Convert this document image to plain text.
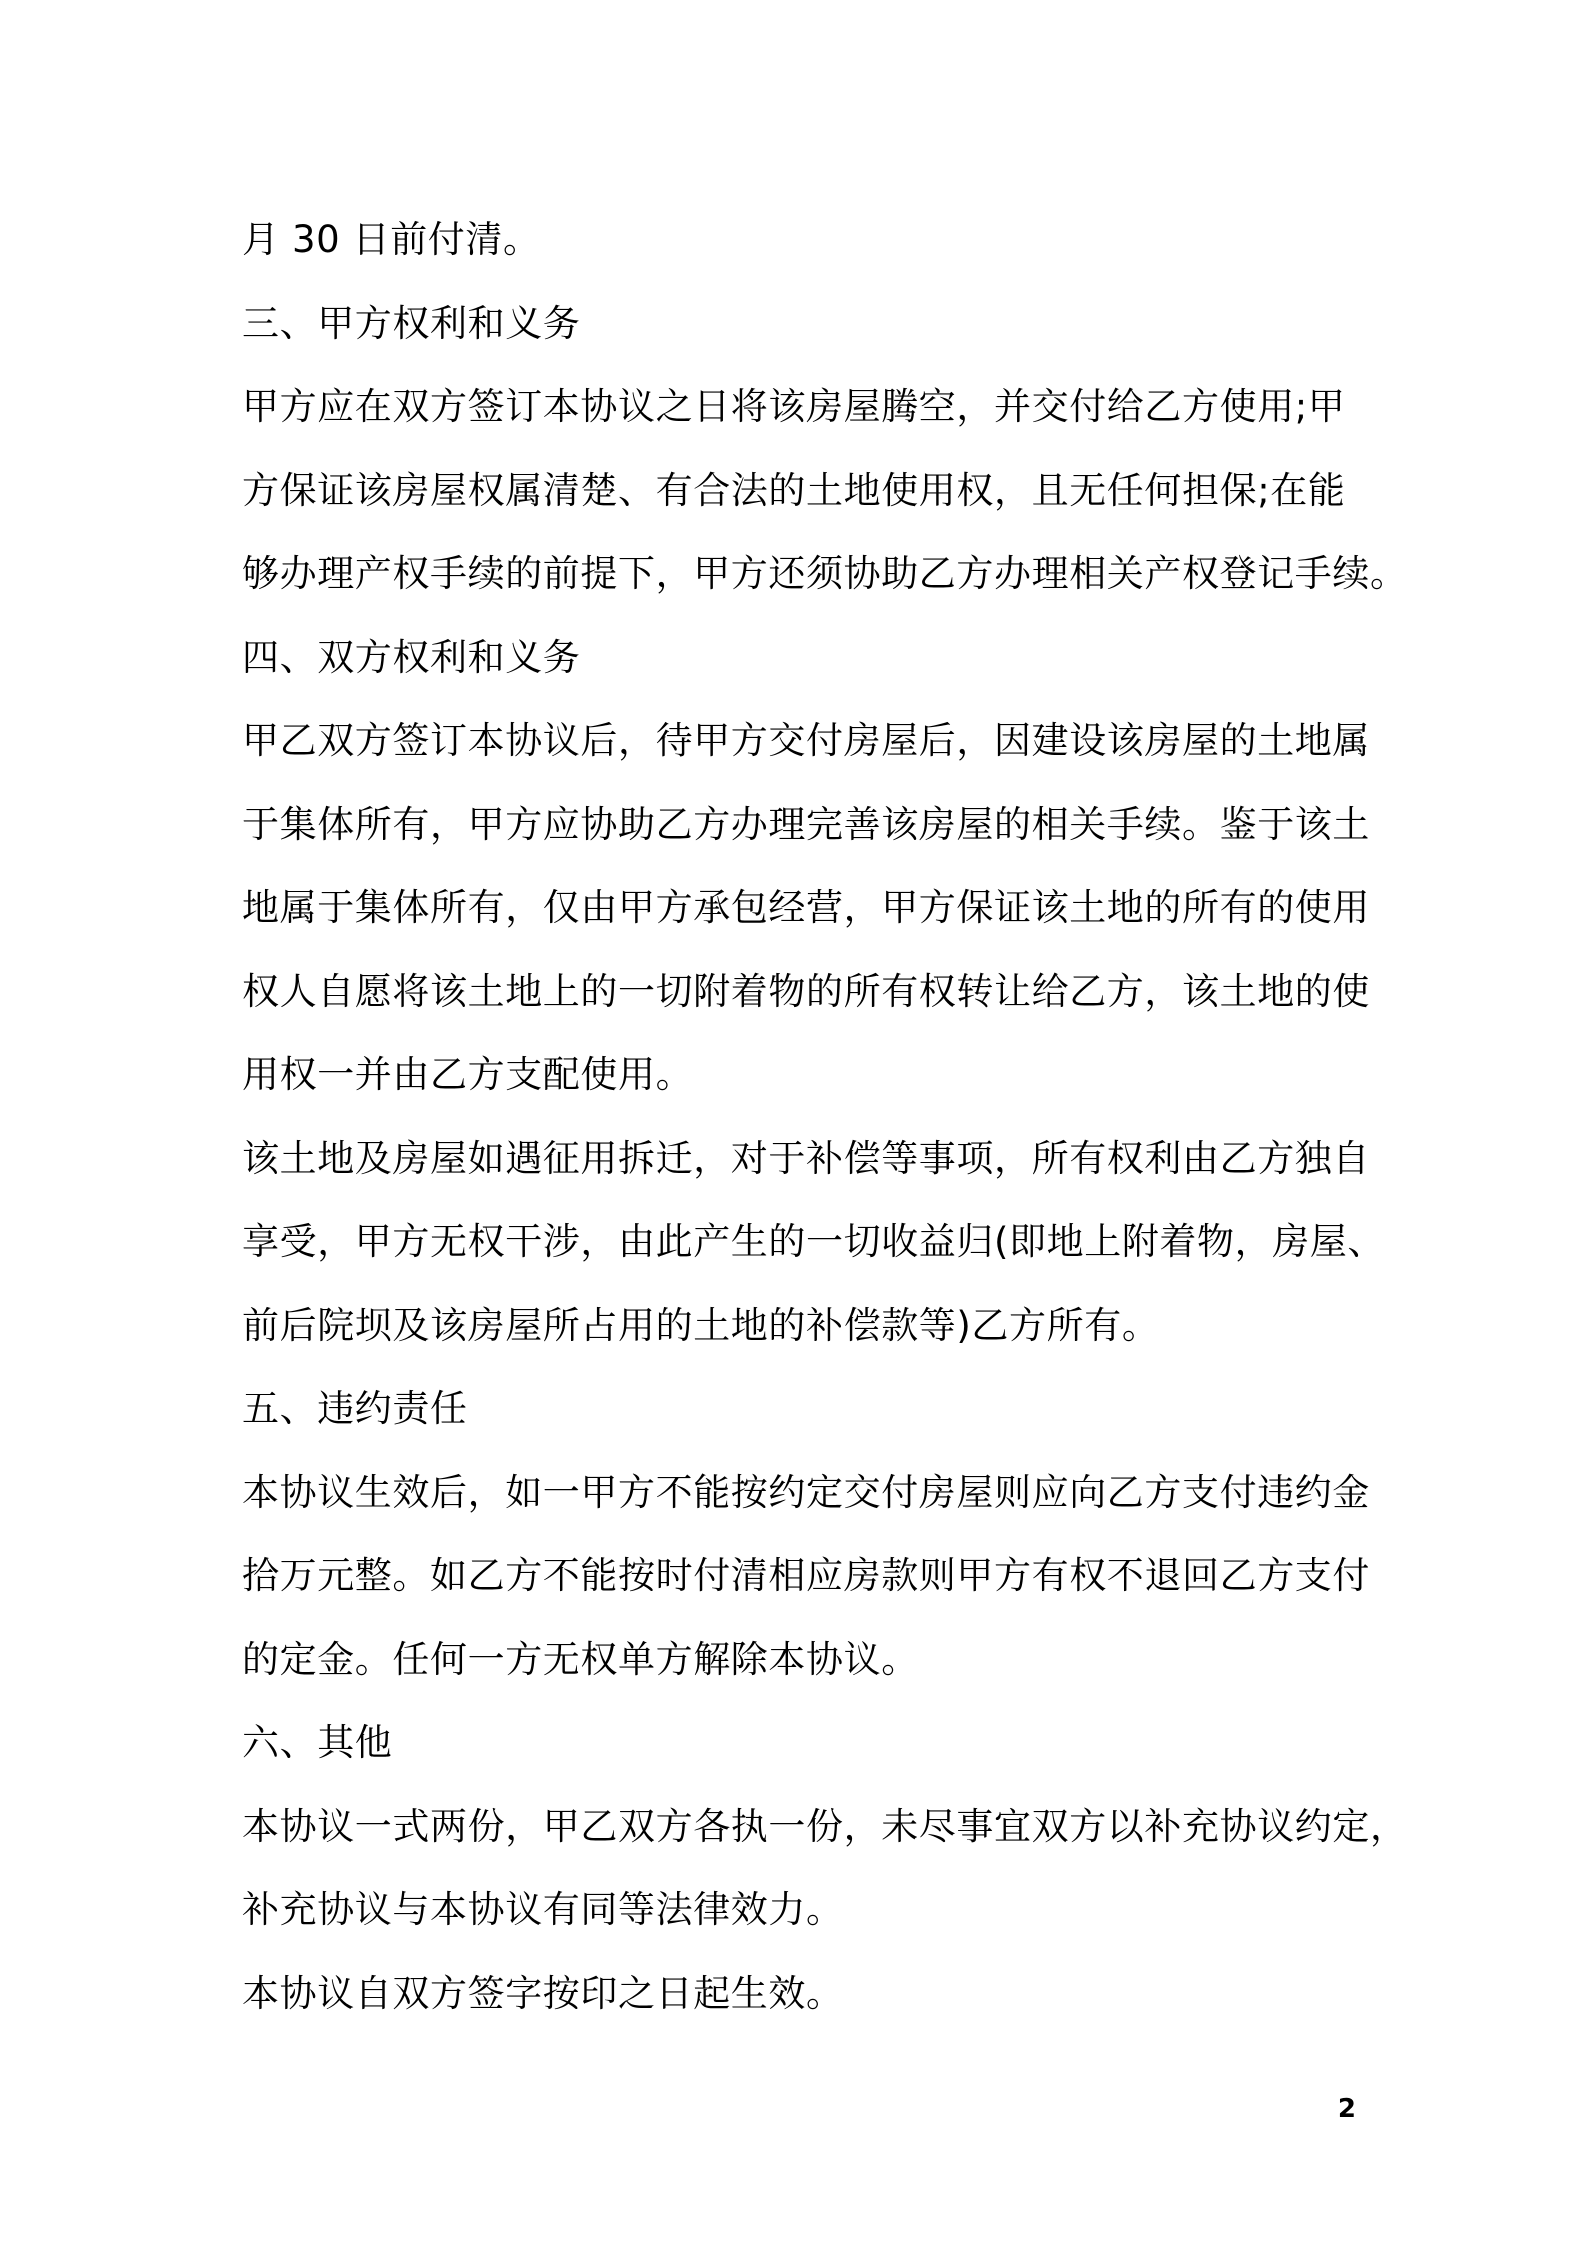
月 30 日前付清。
三、甲方权利和义务
甲方应在双方签订本协议之日将该房屋腾空，并交付给乙方使用;甲
方保证该房屋权属清楚、有合法的土地使用权，且无任何担保;在能
够办理产权手续的前提下，甲方还须协助乙方办理相关产权登记手续。
四、双方权利和义务
甲乙双方签订本协议后，待甲方交付房屋后，因建设该房屋的土地属
于集体所有，甲方应协助乙方办理完善该房屋的相关手续。鉴于该土
地属于集体所有，仅由甲方承包经营，甲方保证该土地的所有的使用
权人自愿将该土地上的一切附着物的所有权转让给乙方，该土地的使
用权一并由乙方支配使用。
该土地及房屋如遇征用拆迁，对于补偿等事项，所有权利由乙方独自
享受，甲方无权干涉，由此产生的一切收益归(即地上附着物，房屋、
前后院坝及该房屋所占用的土地的补偿款等)乙方所有。
五、违约责任
本协议生效后，如一甲方不能按约定交付房屋则应向乙方支付违约金
拾万元整。如乙方不能按时付清相应房款则甲方有权不退回乙方支付
的定金。任何一方无权单方解除本协议。
六、其他
本协议一式两份，甲乙双方各执一份，未尽事宜双方以补充协议约定，
补充协议与本协议有同等法律效力。
本协议自双方签字按印之日起生效。
2
